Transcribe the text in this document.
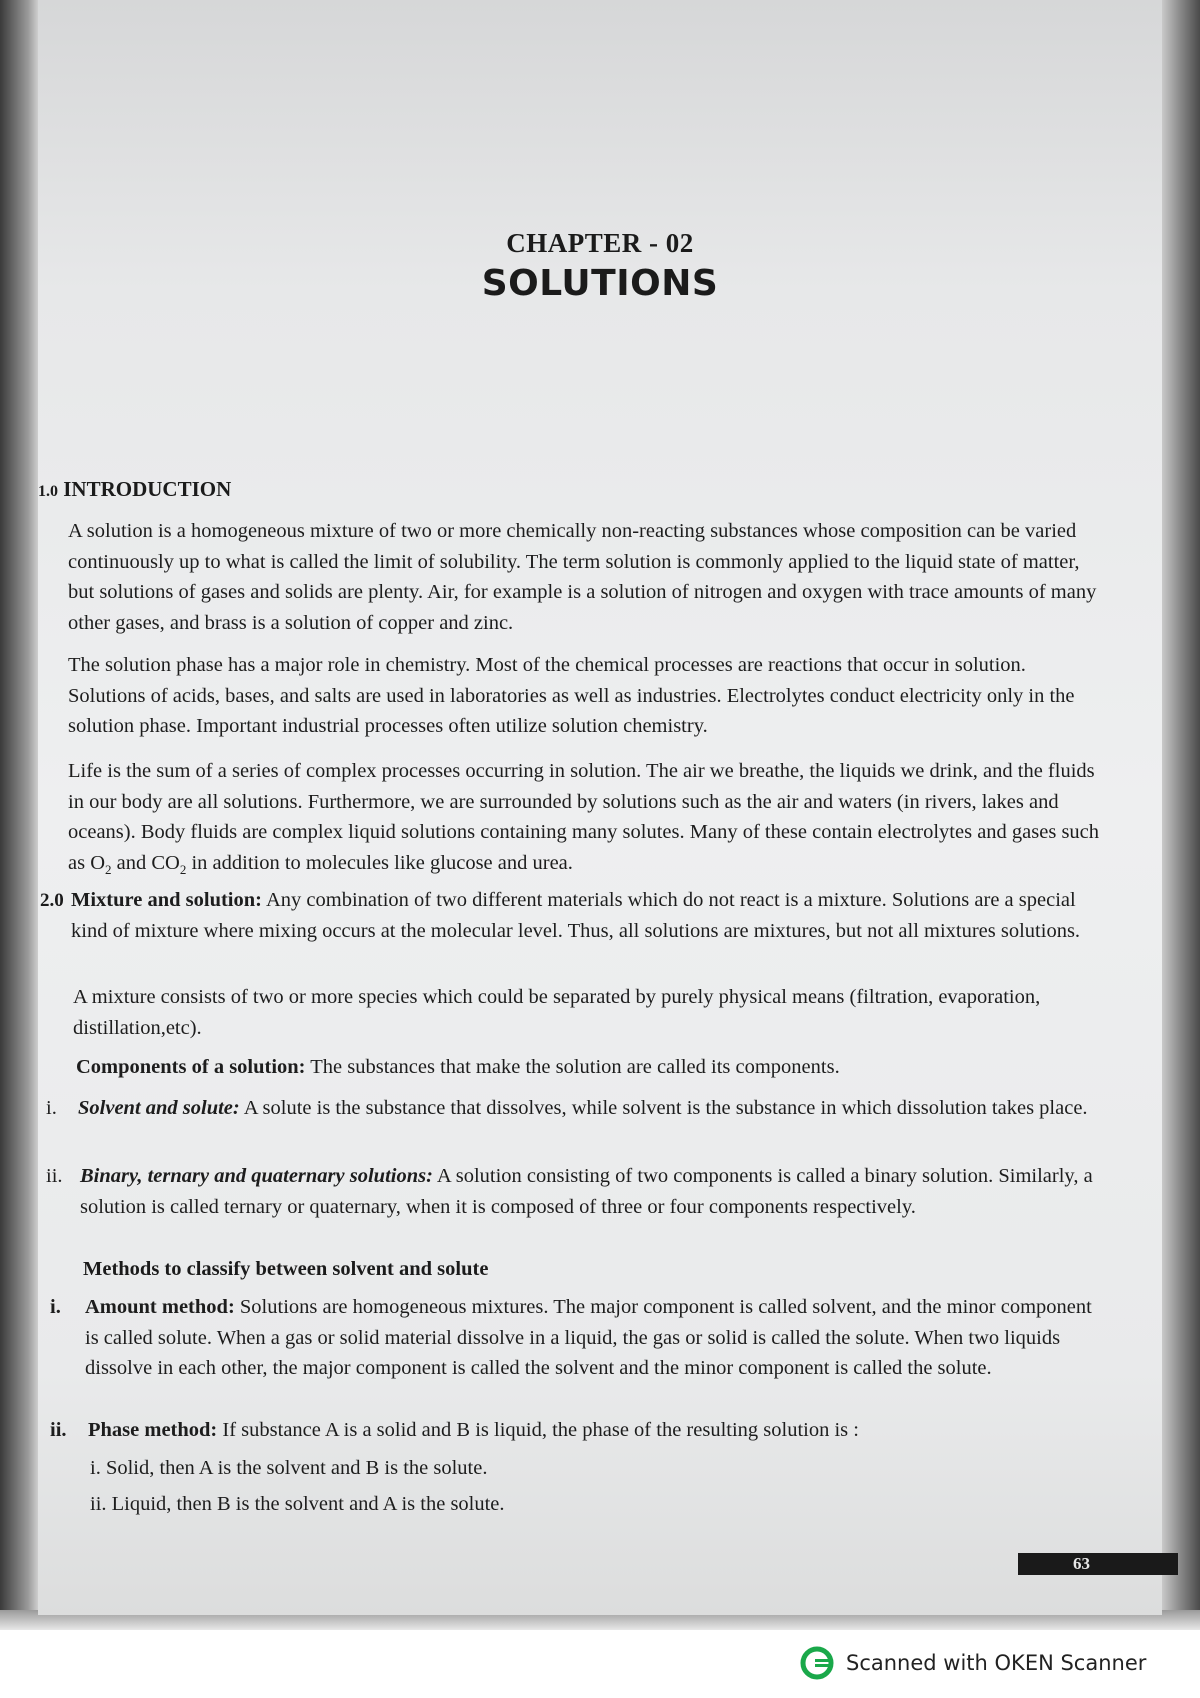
CHAPTER - 02
SOLUTIONS
1.0 INTRODUCTION

A solution is a homogeneous mixture of two or more chemically non-reacting substances whose composition can be varied continuously up to what is called the limit of solubility. The term solution is commonly applied to the liquid state of matter, but solutions of gases and solids are plenty. Air, for example is a solution of nitrogen and oxygen with trace amounts of many other gases, and brass is a solution of copper and zinc.

The solution phase has a major role in chemistry. Most of the chemical processes are reactions that occur in solution. Solutions of acids, bases, and salts are used in laboratories as well as industries. Electrolytes conduct electricity only in the solution phase. Important industrial processes often utilize solution chemistry.

Life is the sum of a series of complex processes occurring in solution. The air we breathe, the liquids we drink, and the fluids in our body are all solutions. Furthermore, we are surrounded by solutions such as the air and waters (in rivers, lakes and oceans). Body fluids are complex liquid solutions containing many solutes. Many of these contain electrolytes and gases such as $O_2$ and $CO_2$ in addition to molecules like glucose and urea.

2.0 Mixture and solution: Any combination of two different materials which do not react is a mixture. Solutions are a special kind of mixture where mixing occurs at the molecular level. Thus, all solutions are mixtures, but not all mixtures solutions.

A mixture consists of two or more species which could be separated by purely physical means (filtration, evaporation, distillation,etc).

Components of a solution: The substances that make the solution are called its components.

i.	Solvent and solute: A solute is the substance that dissolves, while solvent is the substance in which dissolution takes place.

ii. Binary, ternary and quaternary solutions: A solution consisting of two components is called a binary solution. Similarly, a solution is called ternary or quaternary, when it is composed of three or four components respectively.

Methods to classify between solvent and solute
i.	Amount method: Solutions are homogeneous mixtures. The major component is called solvent, and the minor component is called solute. When a gas or solid material dissolve in a liquid, the gas or solid is called the solute. When two liquids dissolve in each other, the major component is called the solvent and the minor component is called the solute.

ii.	Phase method: If substance A is a solid and B is liquid, the phase of the resulting solution is :

i. Solid, then A is the solvent and B is the solute.
ii. Liquid, then B is the solvent and A is the solute.
63
Scanned with OKEN Scanner
